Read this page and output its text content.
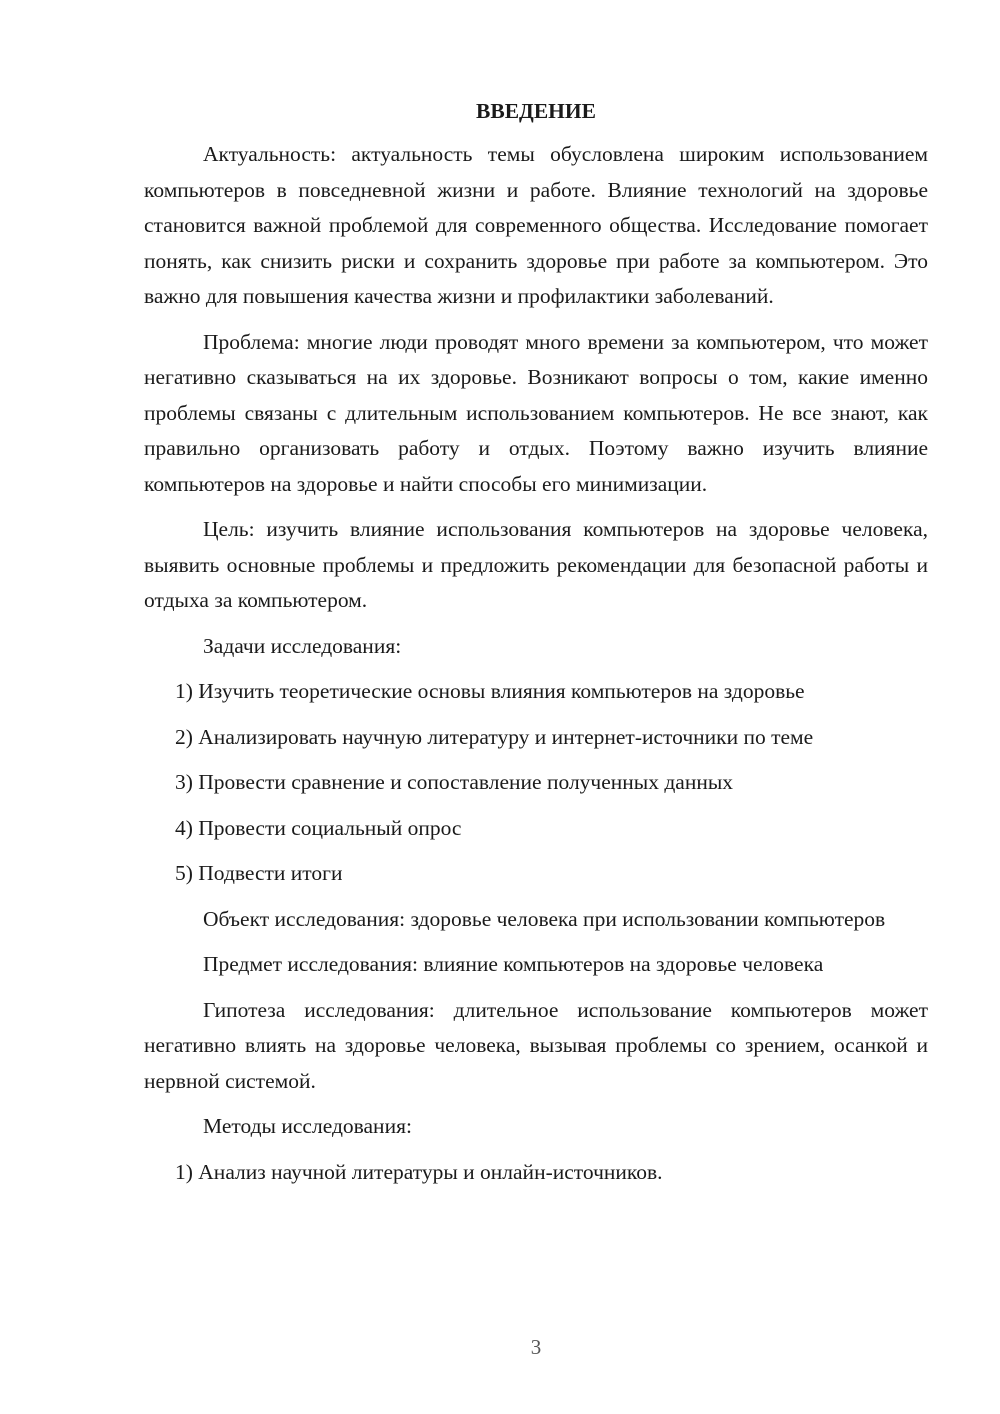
ВВЕДЕНИЕ

Актуальность: актуальность темы обусловлена широким использованием компьютеров в повседневной жизни и работе. Влияние технологий на здоровье становится важной проблемой для современного общества. Исследование помогает понять, как снизить риски и сохранить здоровье при работе за компьютером. Это важно для повышения качества жизни и профилактики заболеваний.

Проблема: многие люди проводят много времени за компьютером, что может негативно сказываться на их здоровье. Возникают вопросы о том, какие именно проблемы связаны с длительным использованием компьютеров. Не все знают, как правильно организовать работу и отдых. Поэтому важно изучить влияние компьютеров на здоровье и найти способы его минимизации.

Цель: изучить влияние использования компьютеров на здоровье человека, выявить основные проблемы и предложить рекомендации для безопасной работы и отдыха за компьютером.

Задачи исследования:
1) Изучить теоретические основы влияния компьютеров на здоровье
2) Анализировать научную литературу и интернет-источники по теме
3) Провести сравнение и сопоставление полученных данных
4) Провести социальный опрос
5) Подвести итоги

Объект исследования: здоровье человека при использовании компьютеров

Предмет исследования: влияние компьютеров на здоровье человека

Гипотеза исследования: длительное использование компьютеров может негативно влиять на здоровье человека, вызывая проблемы со зрением, осанкой и нервной системой.

Методы исследования:
1) Анализ научной литературы и онлайн-источников.
3
